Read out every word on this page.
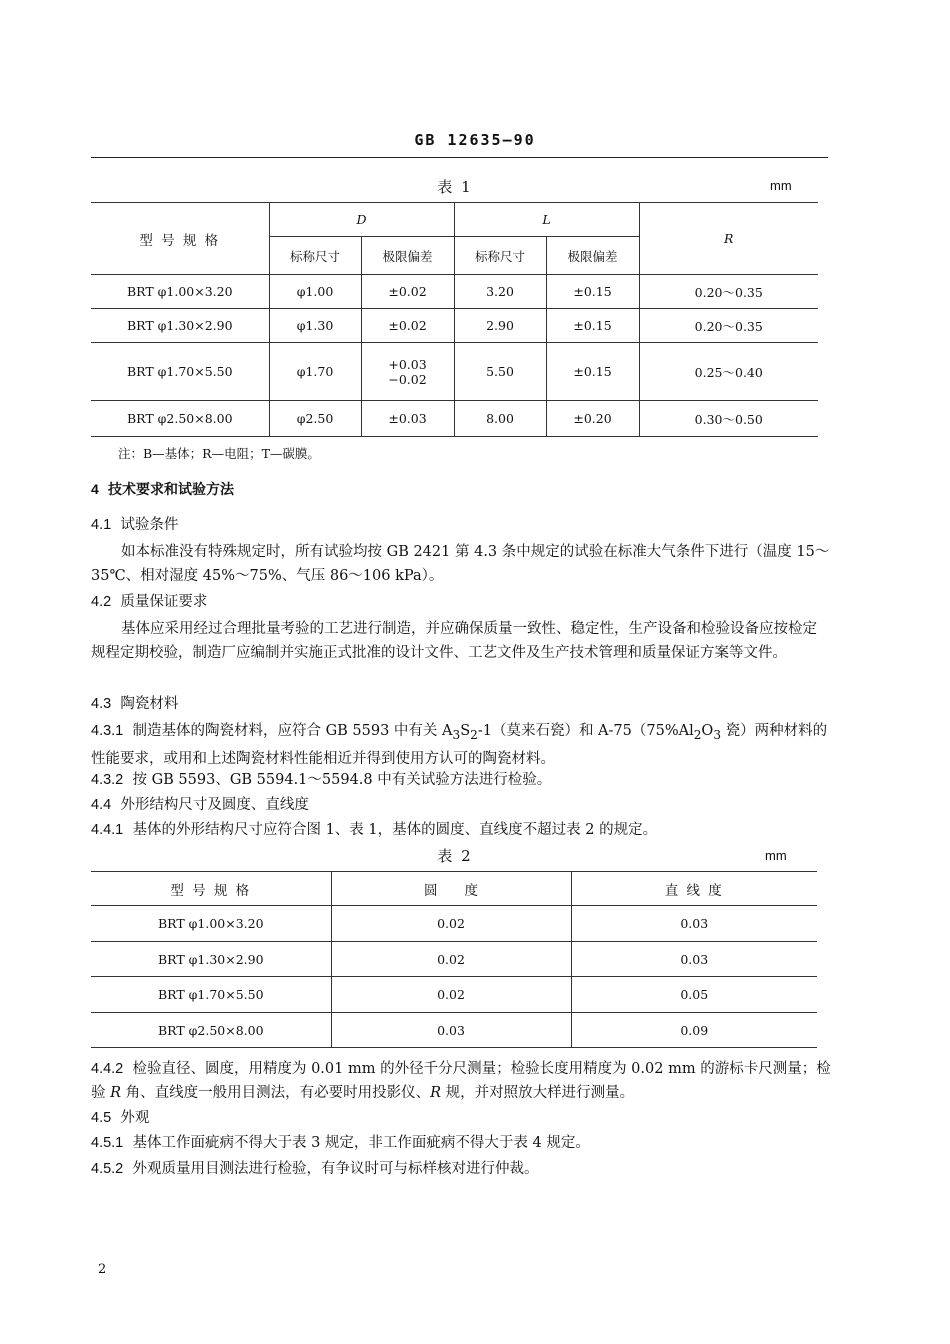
GB 12635—90
表 1	mm
型 号 规 格	D		L		R
	标称尺寸	极限偏差	标称尺寸	极限偏差	
BRT φ1.00×3.20	φ1.00	±0.02	3.20	±0.15	0.20～0.35
BRT φ1.30×2.90	φ1.30	±0.02	2.90	±0.15	0.20～0.35
BRT φ1.70×5.50	φ1.70	+0.03
−0.02	5.50	±0.15	0.25～0.40
BRT φ2.50×8.00	φ2.50	±0.03	8.00	±0.20	0.30～0.50
注：B—基体；R—电阻；T—碳膜。
4 技术要求和试验方法
4.1 试验条件
如本标准没有特殊规定时，所有试验均按 GB 2421 第 4.3 条中规定的试验在标准大气条件下进行（温度 15～35℃、相对湿度 45%～75%、气压 86～106 kPa）。
4.2 质量保证要求
基体应采用经过合理批量考验的工艺进行制造，并应确保质量一致性、稳定性，生产设备和检验设备应按检定规程定期校验，制造厂应编制并实施正式批准的设计文件、工艺文件及生产技术管理和质量保证方案等文件。
4.3 陶瓷材料
4.3.1 制造基体的陶瓷材料，应符合 GB 5593 中有关 $A_3S_2-1$（莫来石瓷）和 $A-75(75\%Al_2O_3$ 瓷）两种材料的性能要求，或用和上述陶瓷材料性能相近并得到使用方认可的陶瓷材料。
4.3.2 按 GB 5593、GB 5594.1～5594.8 中有关试验方法进行检验。
4.4 外形结构尺寸及圆度、直线度
4.4.1 基体的外形结构尺寸应符合图 1、表 1，基体的圆度、直线度不超过表 2 的规定。
表 2	mm
型 号 规 格	圆　　度	直 线 度
BRT φ1.00×3.20	0.02	0.03
BRT φ1.30×2.90	0.02	0.03
BRT φ1.70×5.50	0.02	0.05
BRT φ2.50×8.00	0.03	0.09
4.4.2 检验直径、圆度，用精度为 0.01 mm 的外径千分尺测量；检验长度用精度为 0.02 mm 的游标卡尺测量；检验 R 角、直线度一般用目测法，有必要时用投影仪、R 规，并对照放大样进行测量。
4.5 外观
4.5.1 基体工作面疵病不得大于表 3 规定，非工作面疵病不得大于表 4 规定。
4.5.2 外观质量用目测法进行检验，有争议时可与标样核对进行仲裁。
2
